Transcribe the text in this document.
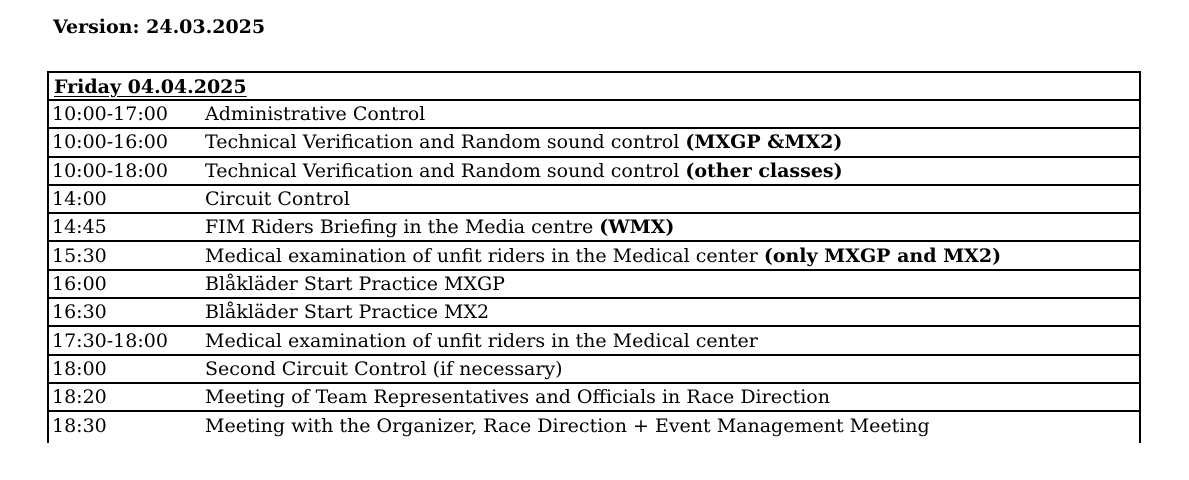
Version: 24.03.2025
Friday 04.04.2025
10:00-17:00	Administrative Control
10:00-16:00	Technical Verification and Random sound control (MXGP &MX2)
10:00-18:00	Technical Verification and Random sound control (other classes)
14:00	Circuit Control
14:45	FIM Riders Briefing in the Media centre (WMX)
15:30	Medical examination of unfit riders in the Medical center (only MXGP and MX2)
16:00	Blåkläder Start Practice MXGP
16:30	Blåkläder Start Practice MX2
17:30-18:00	Medical examination of unfit riders in the Medical center
18:00	Second Circuit Control (if necessary)
18:20	Meeting of Team Representatives and Officials in Race Direction
18:30	Meeting with the Organizer, Race Direction + Event Management Meeting
